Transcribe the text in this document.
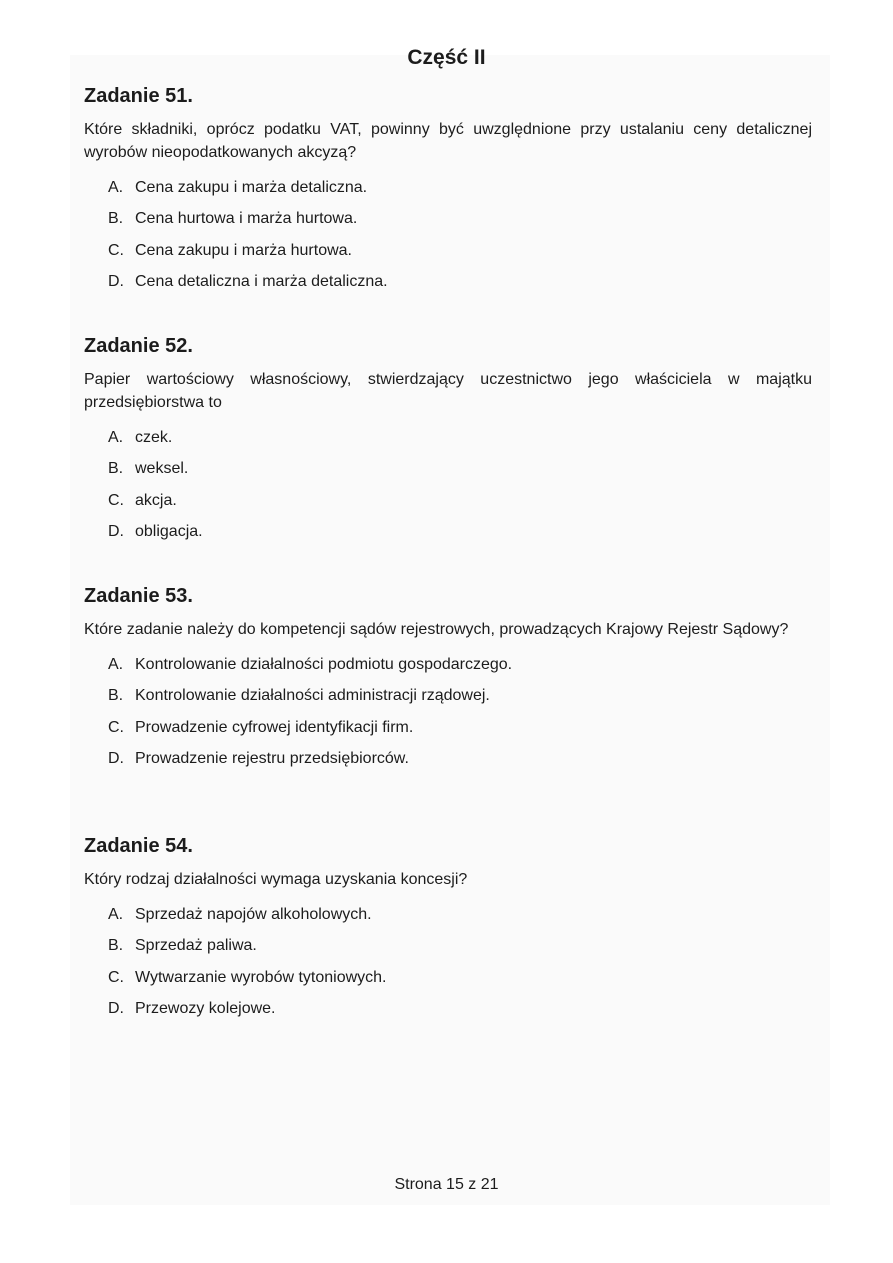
Część II
Zadanie 51.

Które składniki, oprócz podatku VAT, powinny być uwzględnione przy ustalaniu ceny detalicznej wyrobów nieopodatkowanych akcyzą?

A. Cena zakupu i marża detaliczna.
B. Cena hurtowa i marża hurtowa.
C. Cena zakupu i marża hurtowa.
D. Cena detaliczna i marża detaliczna.
Zadanie 52.

Papier wartościowy własnościowy, stwierdzający uczestnictwo jego właściciela w majątku przedsiębiorstwa to

A. czek.
B. weksel.
C. akcja.
D. obligacja.
Zadanie 53.

Które zadanie należy do kompetencji sądów rejestrowych, prowadzących Krajowy Rejestr Sądowy?

A. Kontrolowanie działalności podmiotu gospodarczego.
B. Kontrolowanie działalności administracji rządowej.
C. Prowadzenie cyfrowej identyfikacji firm.
D. Prowadzenie rejestru przedsiębiorców.
Zadanie 54.

Który rodzaj działalności wymaga uzyskania koncesji?

A. Sprzedaż napojów alkoholowych.
B. Sprzedaż paliwa.
C. Wytwarzanie wyrobów tytoniowych.
D. Przewozy kolejowe.
Strona 15 z 21
